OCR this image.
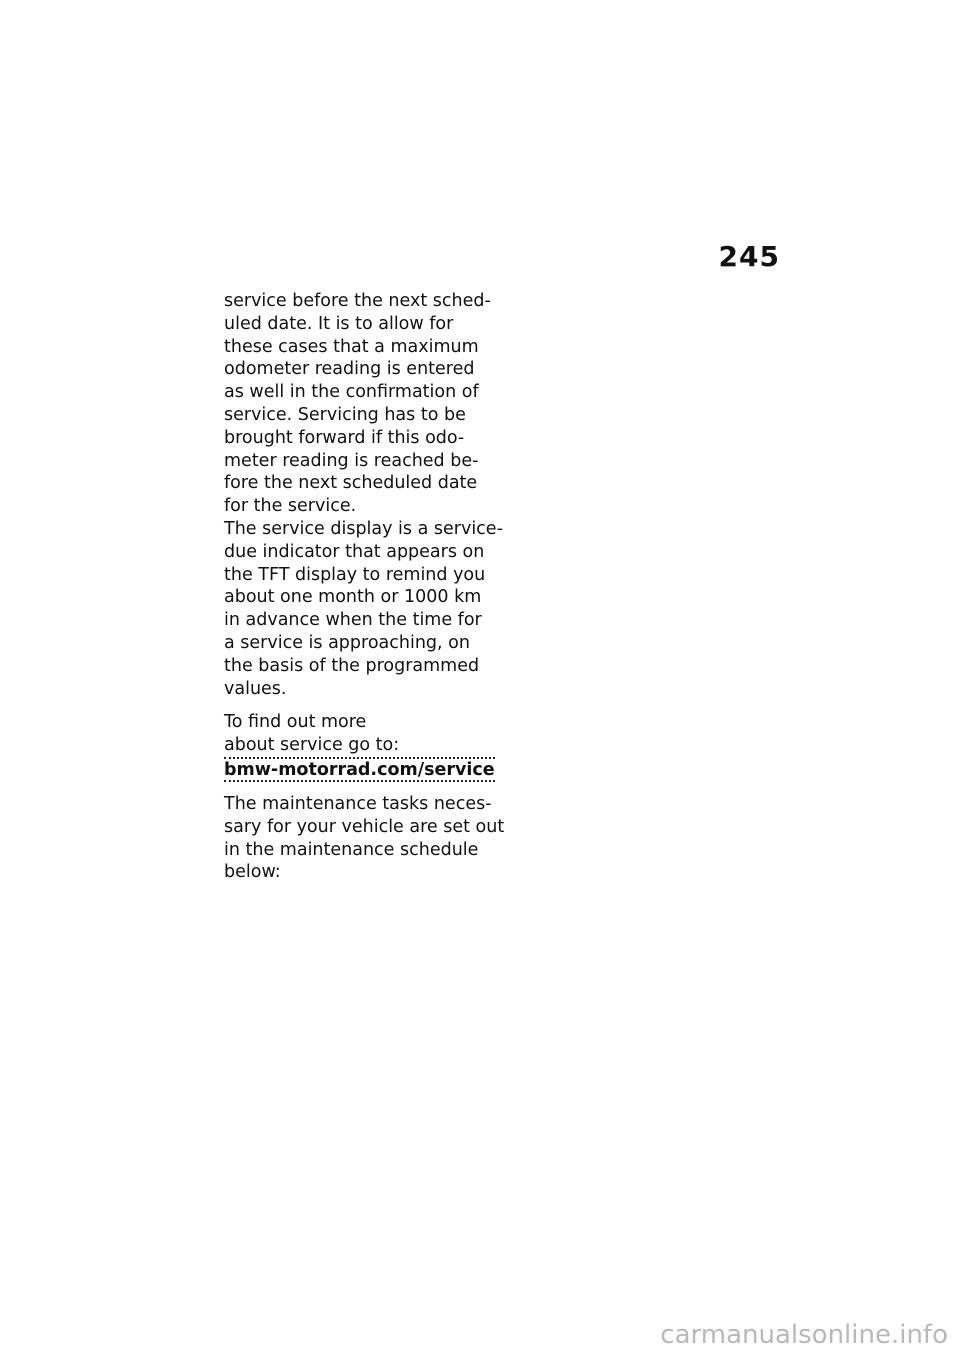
245

service before the next sched-
uled date. It is to allow for
these cases that a maximum
odometer reading is entered
as well in the confirmation of
service. Servicing has to be
brought forward if this odo-
meter reading is reached be-
fore the next scheduled date
for the service.

The service display is a service-
due indicator that appears on
the TFT display to remind you
about one month or 1000 km
in advance when the time for
a service is approaching, on
the basis of the programmed
values.

To find out more
about service go to:
bmw-motorrad.com/service

The maintenance tasks neces-
sary for your vehicle are set out
in the maintenance schedule
below:

carmanualsonline.info
